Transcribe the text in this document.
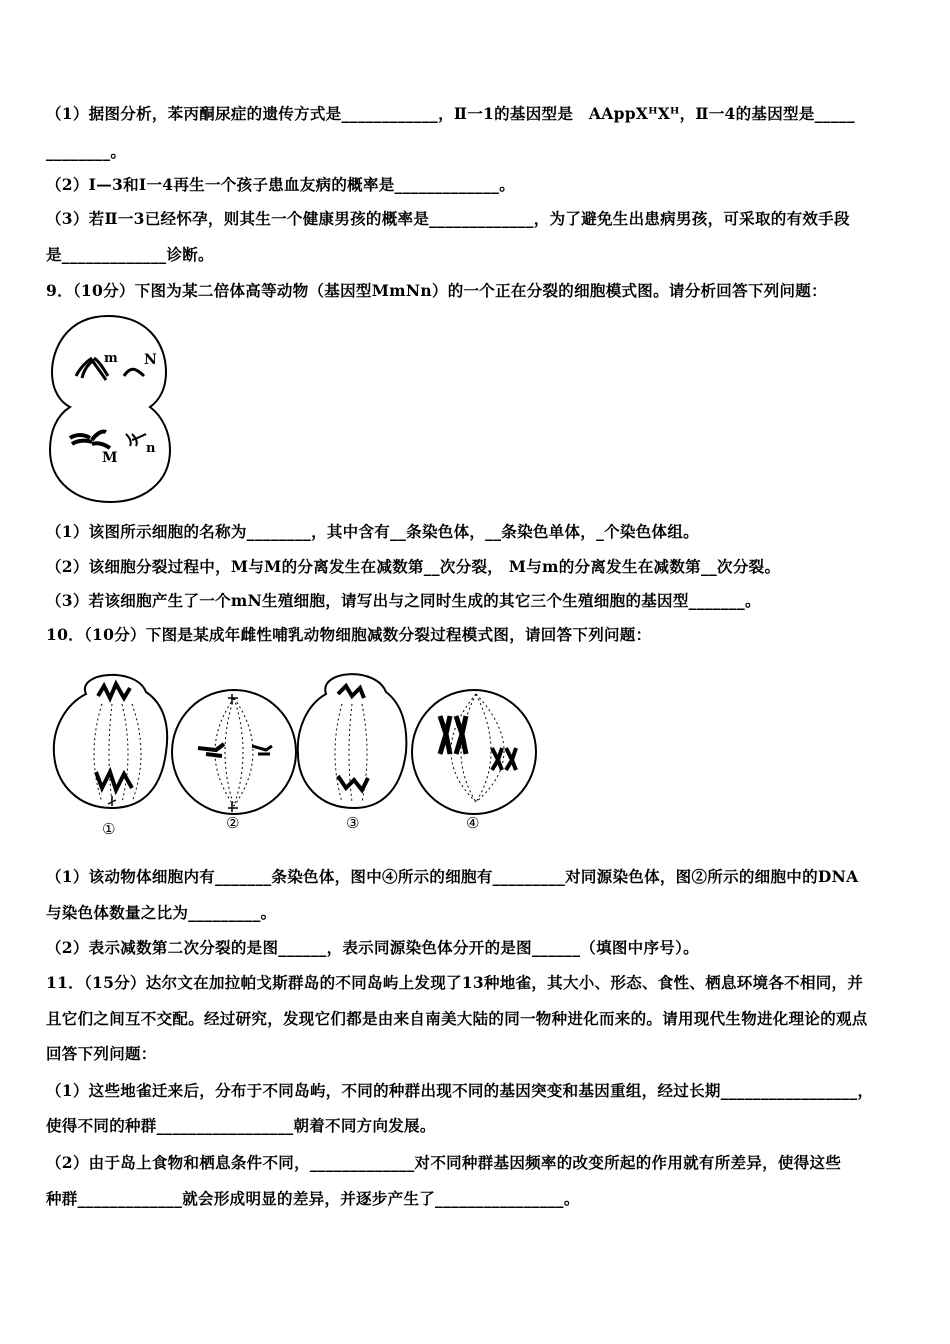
（1）据图分析，苯丙酮尿症的遗传方式是____________，Ⅱ一1的基因型是　AAppXᴴXᴴ，Ⅱ一4的基因型是_____
________。
（2）Ⅰ—3和Ⅰ一4再生一个孩子患血友病的概率是_____________。
（3）若Ⅱ一3已经怀孕，则其生一个健康男孩的概率是_____________，为了避免生出患病男孩，可采取的有效手段
是_____________诊断。
9．（10分）下图为某二倍体高等动物（基因型MmNn）的一个正在分裂的细胞模式图。请分析回答下列问题：
m N
M
n
（1）该图所示细胞的名称为________，其中含有__条染色体，__条染色单体，_个染色体组。
（2）该细胞分裂过程中，M与M的分离发生在减数第__次分裂， M与m的分离发生在减数第__次分裂。
（3）若该细胞产生了一个mN生殖细胞，请写出与之同时生成的其它三个生殖细胞的基因型_______。
10．（10分）下图是某成年雌性哺乳动物细胞减数分裂过程模式图，请回答下列问题：
①	②	③	④
（1）该动物体细胞内有_______条染色体，图中④所示的细胞有_________对同源染色体，图②所示的细胞中的DNA
与染色体数量之比为_________。
（2）表示减数第二次分裂的是图______，表示同源染色体分开的是图______（填图中序号）。
11．（15分）达尔文在加拉帕戈斯群岛的不同岛屿上发现了13种地雀，其大小、形态、食性、栖息环境各不相同，并
且它们之间互不交配。经过研究，发现它们都是由来自南美大陆的同一物种进化而来的。请用现代生物进化理论的观点
回答下列问题：
（1）这些地雀迁来后，分布于不同岛屿，不同的种群出现不同的基因突变和基因重组，经过长期_________________，
使得不同的种群_________________朝着不同方向发展。
（2）由于岛上食物和栖息条件不同，_____________对不同种群基因频率的改变所起的作用就有所差异，使得这些
种群_____________就会形成明显的差异，并逐步产生了________________。
